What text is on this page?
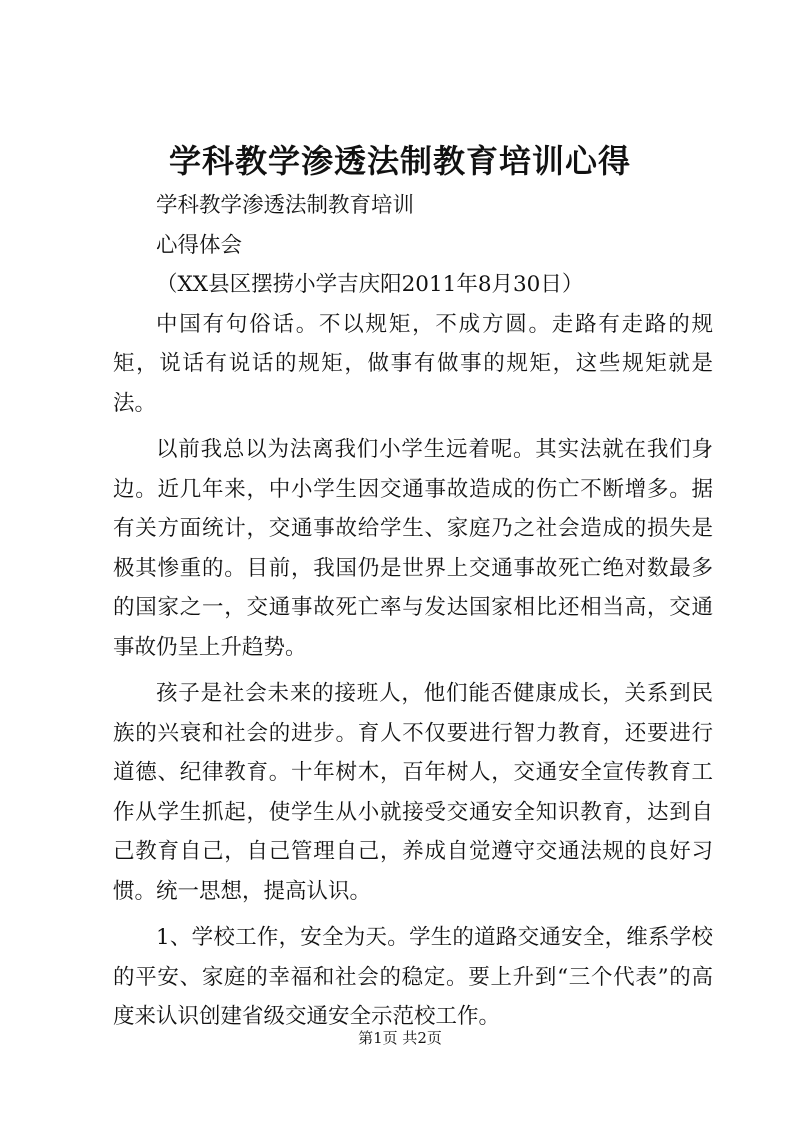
学科教学渗透法制教育培训心得
学科教学渗透法制教育培训
心得体会
（XX县区摆捞小学吉庆阳2011年8月30日）

中国有句俗话。不以规矩，不成方圆。走路有走路的规矩，说话有说话的规矩，做事有做事的规矩，这些规矩就是法。

以前我总以为法离我们小学生远着呢。其实法就在我们身边。近几年来，中小学生因交通事故造成的伤亡不断增多。据有关方面统计，交通事故给学生、家庭乃之社会造成的损失是极其惨重的。目前，我国仍是世界上交通事故死亡绝对数最多的国家之一，交通事故死亡率与发达国家相比还相当高，交通事故仍呈上升趋势。

孩子是社会未来的接班人，他们能否健康成长，关系到民族的兴衰和社会的进步。育人不仅要进行智力教育，还要进行道德、纪律教育。十年树木，百年树人，交通安全宣传教育工作从学生抓起，使学生从小就接受交通安全知识教育，达到自己教育自己，自己管理自己，养成自觉遵守交通法规的良好习惯。统一思想，提高认识。

1、学校工作，安全为天。学生的道路交通安全，维系学校的平安、家庭的幸福和社会的稳定。要上升到“三个代表”的高度来认识创建省级交通安全示范校工作。

第1页 共2页
